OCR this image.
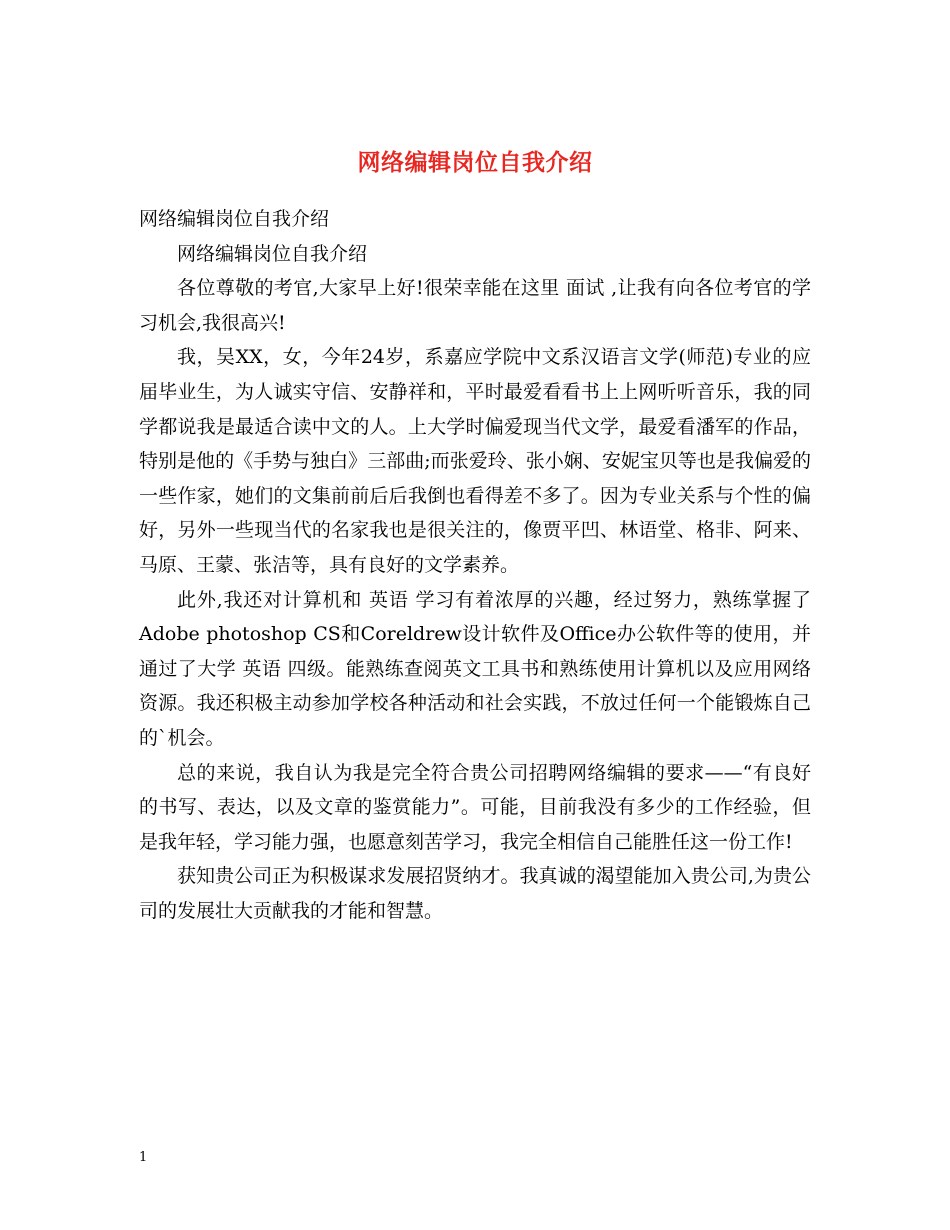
网络编辑岗位自我介绍

网络编辑岗位自我介绍

网络编辑岗位自我介绍

各位尊敬的考官,大家早上好!很荣幸能在这里 面试 ,让我有向各位考官的学习机会,我很高兴!

我，吴XX，女，今年24岁，系嘉应学院中文系汉语言文学(师范)专业的应届毕业生，为人诚实守信、安静祥和，平时最爱看看书上上网听听音乐，我的同学都说我是最适合读中文的人。上大学时偏爱现当代文学，最爱看潘军的作品，特别是他的《手势与独白》三部曲;而张爱玲、张小娴、安妮宝贝等也是我偏爱的一些作家，她们的文集前前后后我倒也看得差不多了。因为专业关系与个性的偏好，另外一些现当代的名家我也是很关注的，像贾平凹、林语堂、格非、阿来、马原、王蒙、张洁等，具有良好的文学素养。

此外,我还对计算机和 英语 学习有着浓厚的兴趣，经过努力，熟练掌握了Adobe photoshop CS和Coreldrew设计软件及Office办公软件等的使用，并通过了大学 英语 四级。能熟练查阅英文工具书和熟练使用计算机以及应用网络资源。我还积极主动参加学校各种活动和社会实践，不放过任何一个能锻炼自己的`机会。

总的来说，我自认为我是完全符合贵公司招聘网络编辑的要求——“有良好的书写、表达，以及文章的鉴赏能力”。可能，目前我没有多少的工作经验，但是我年轻，学习能力强，也愿意刻苦学习，我完全相信自己能胜任这一份工作!

获知贵公司正为积极谋求发展招贤纳才。我真诚的渴望能加入贵公司,为贵公司的发展壮大贡献我的才能和智慧。

1
